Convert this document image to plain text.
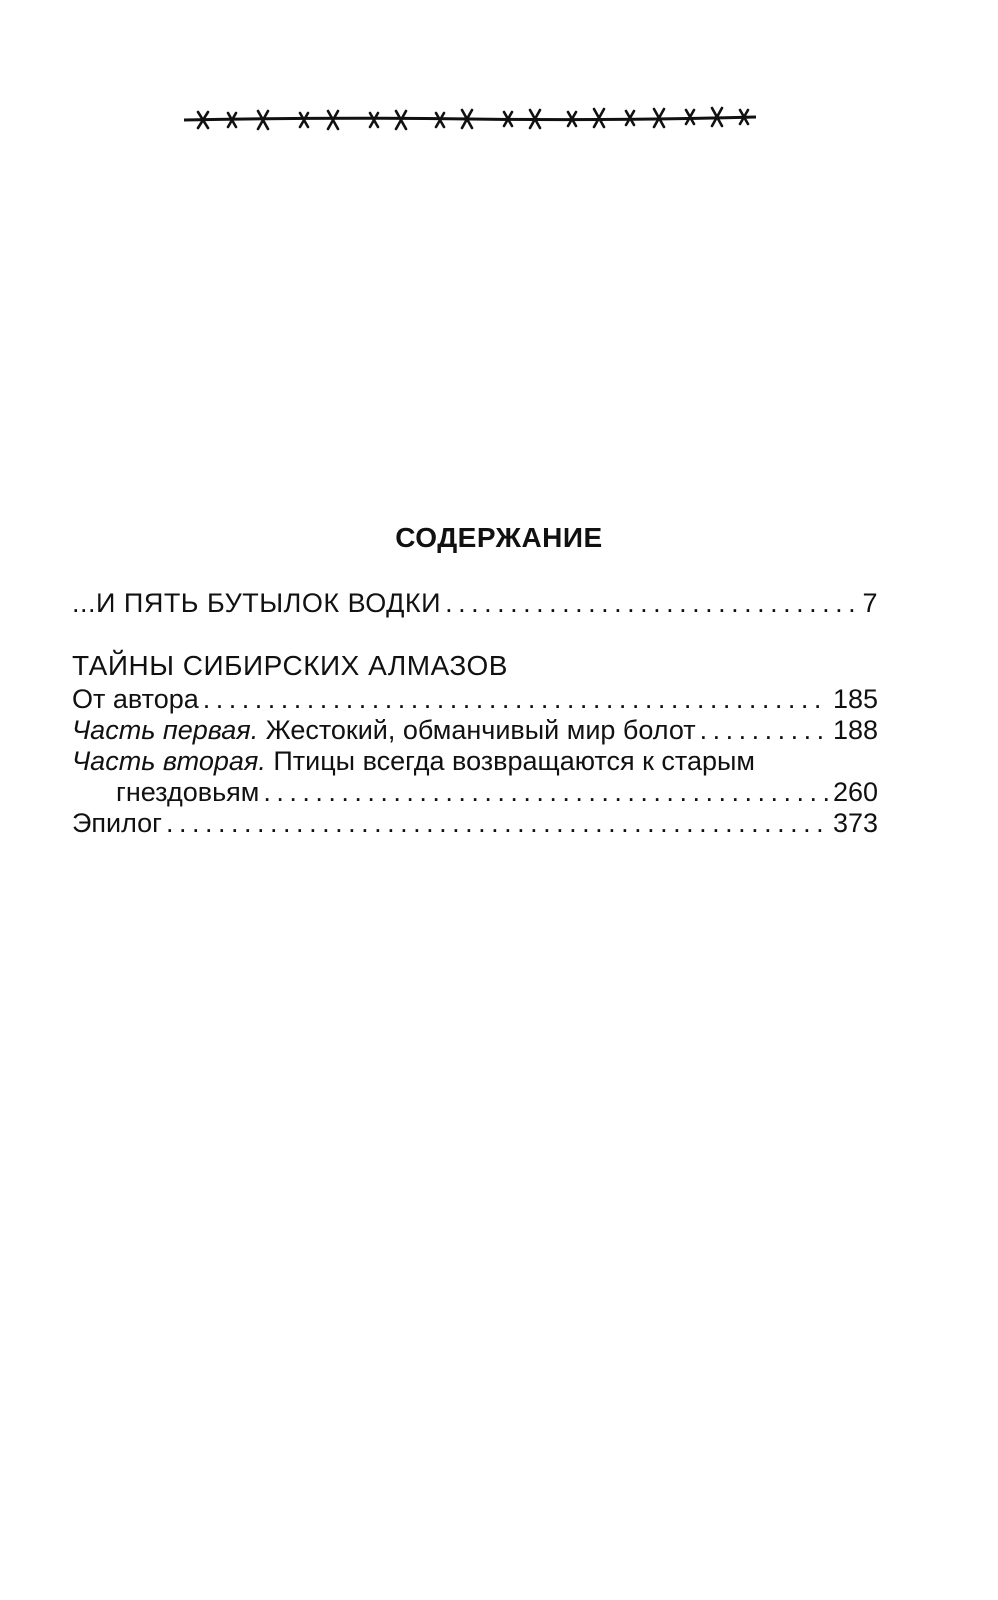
СОДЕРЖАНИЕ
...И ПЯТЬ БУТЫЛОК ВОДКИ . . .	7
ТАЙНЫ СИБИРСКИХ АЛМАЗОВ
От автора . . .	185
Часть первая. Жестокий, обманчивый мир болот . . .	188
Часть вторая. Птицы всегда возвращаются к старым
гнездовьям . . .	260
Эпилог . . .	373
